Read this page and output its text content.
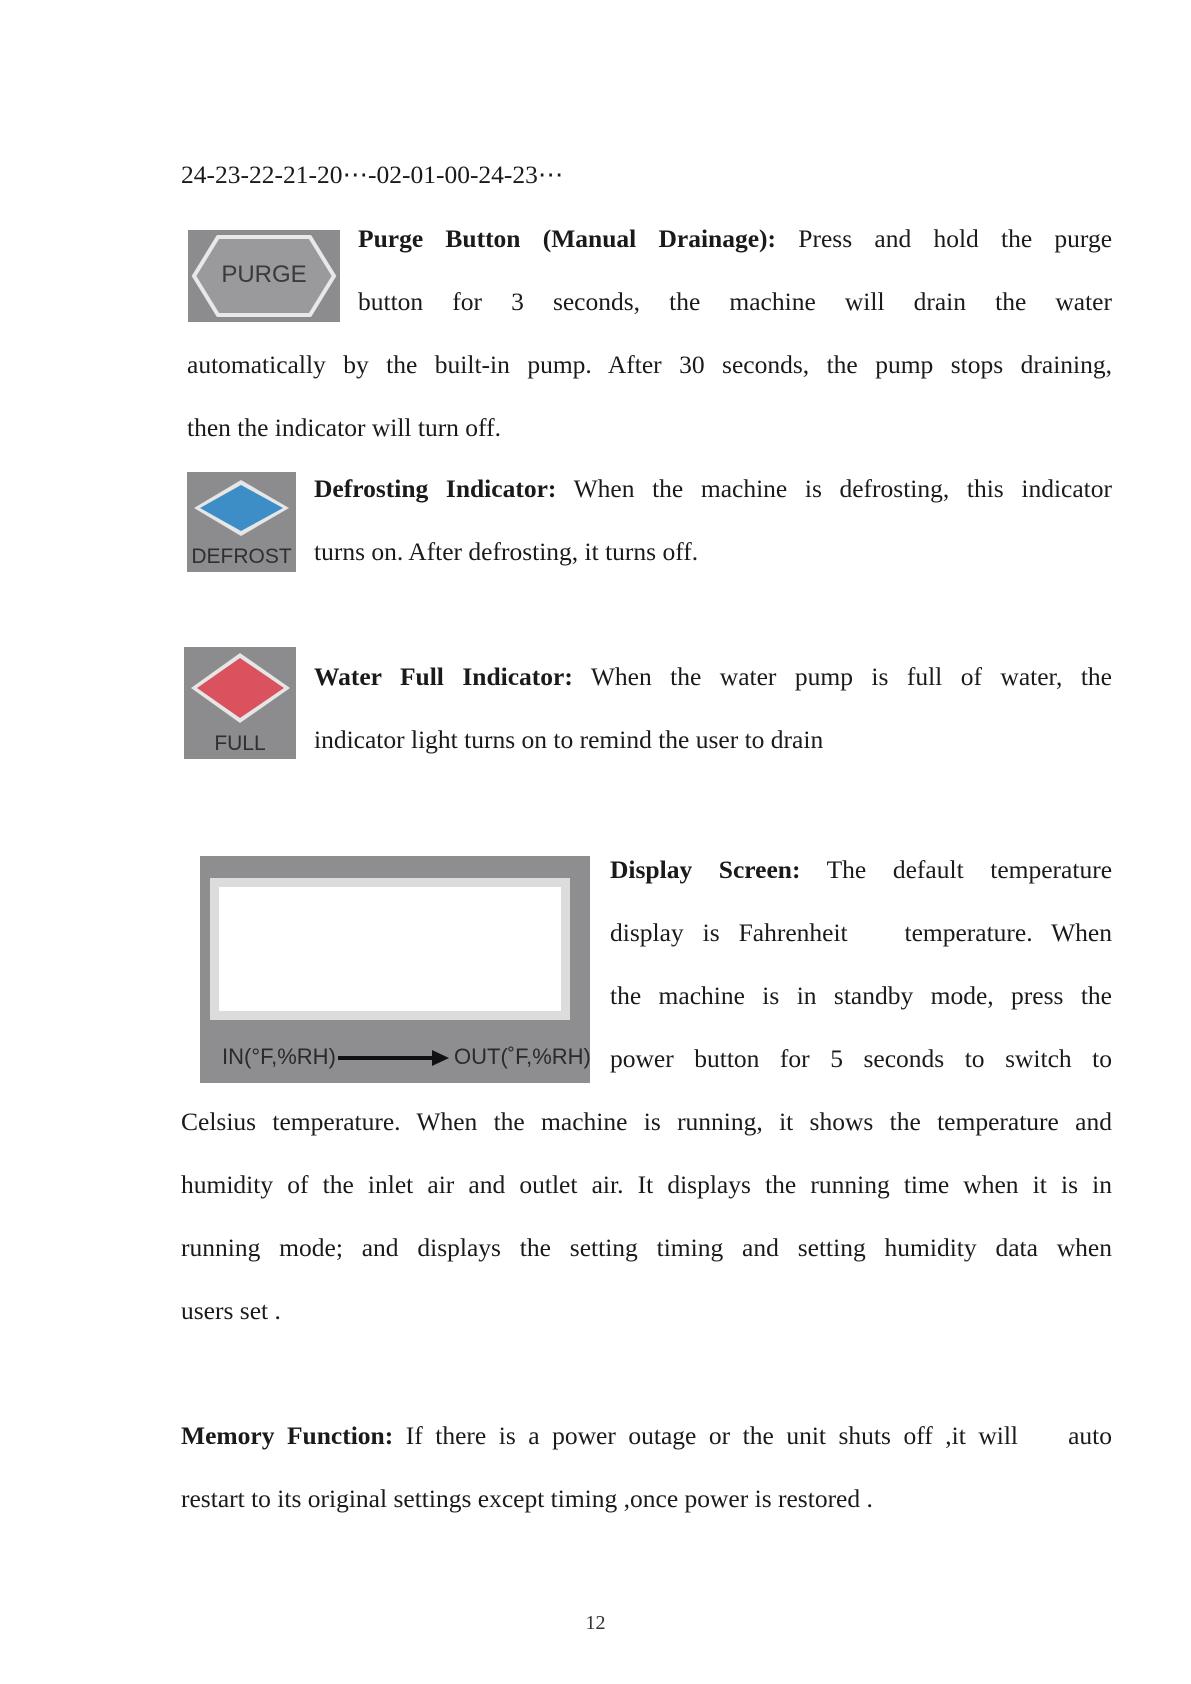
24-23-22-21-20⋯-02-01-00-24-23⋯
PURGE
Purge Button (Manual Drainage): Press and hold the purge
button for 3 seconds, the machine will drain the water
automatically by the built-in pump. After 30 seconds, the pump stops draining,
then the indicator will turn off.
DEFROST
Defrosting Indicator: When the machine is defrosting, this indicator
turns on. After defrosting, it turns off.
FULL
Water Full Indicator: When the water pump is full of water, the
indicator light turns on to remind the user to drain
IN(°F,%RH)	OUT(˚F,%RH)
Display Screen: The default temperature
display is Fahrenheit   temperature. When
the machine is in standby mode, press the
power button for 5 seconds to switch to
Celsius temperature. When the machine is running, it shows the temperature and
humidity of the inlet air and outlet air. It displays the running time when it is in
running mode; and displays the setting timing and setting humidity data when
users set .
Memory Function: If there is a power outage or the unit shuts off ,it will    auto
restart to its original settings except timing ,once power is restored .
12
